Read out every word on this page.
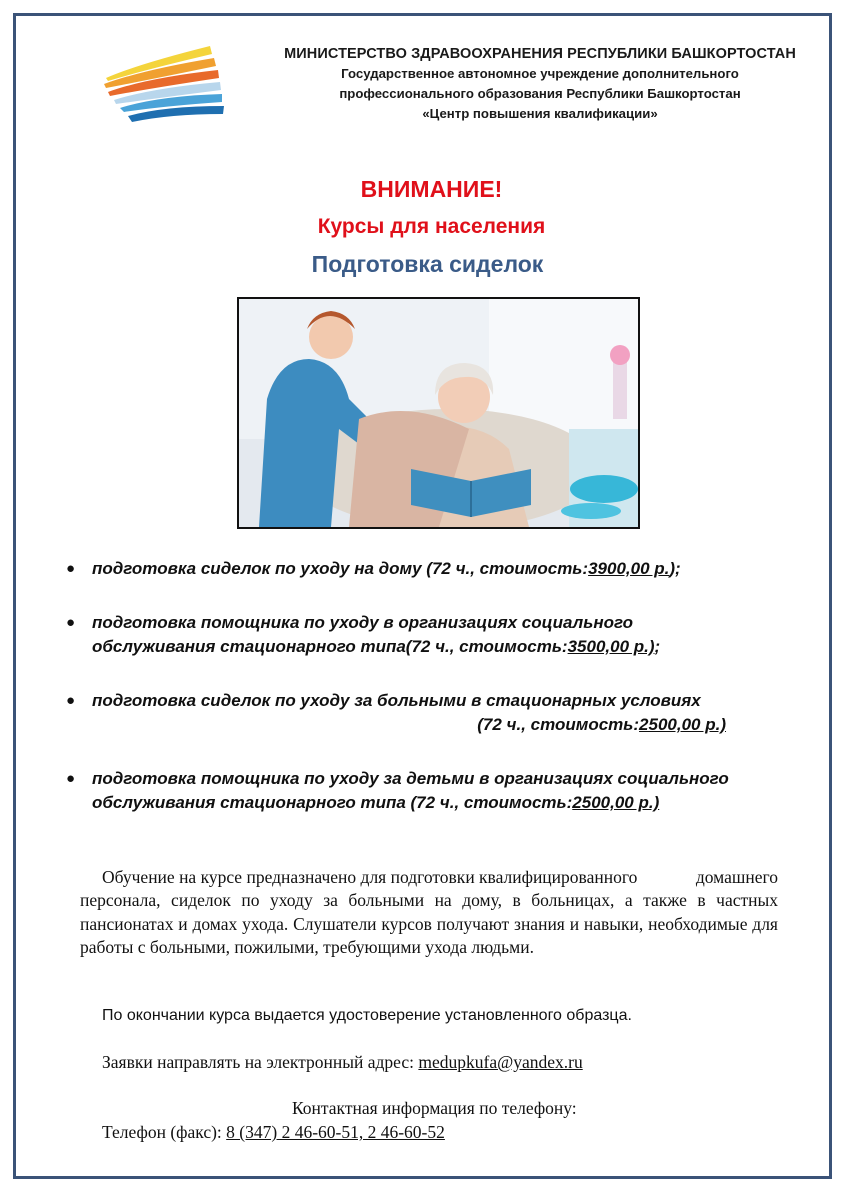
МИНИСТЕРСТВО ЗДРАВООХРАНЕНИЯ РЕСПУБЛИКИ БАШКОРТОСТАН
Государственное автономное учреждение дополнительного
профессионального образования Республики Башкортостан
«Центр повышения квалификации»
ВНИМАНИЕ!
Курсы для населения
Подготовка сиделок
● подготовка сиделок по уходу на дому (72 ч., стоимость:3900,00 р.);
● подготовка помощника по уходу в организациях социального
обслуживания стационарного типа(72 ч., стоимость:3500,00 р.);
● подготовка сиделок по уходу за больными в стационарных условиях
(72 ч., стоимость:2500,00 р.)
● подготовка помощника по уходу за детьми в организациях социального
обслуживания стационарного типа (72 ч., стоимость:2500,00 р.)
Обучение на курсе предназначено для подготовки квалифицированного	домашнего персонала, сиделок по уходу за больными на дому, в больницах, а также в частных пансионатах и домах ухода. Слушатели курсов получают знания и навыки, необходимые для работы с больными, пожилыми, требующими ухода людьми.
По окончании курса выдается удостоверение установленного образца.
Заявки направлять на электронный адрес: medupkufa@yandex.ru
Контактная информация по телефону:
Телефон (факс): 8 (347) 2 46-60-51, 2 46-60-52
